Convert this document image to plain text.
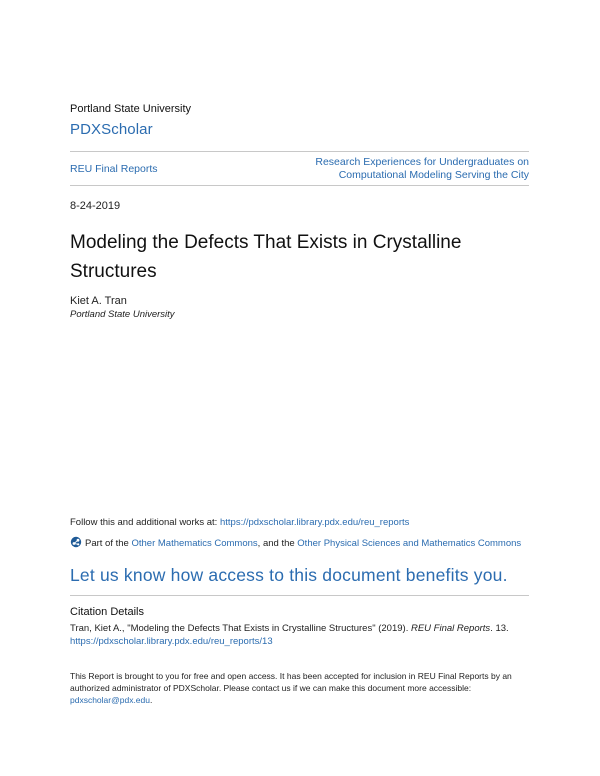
Portland State University
PDXScholar
REU Final Reports
Research Experiences for Undergraduates on
Computational Modeling Serving the City
8-24-2019
Modeling the Defects That Exists in Crystalline Structures
Kiet A. Tran
Portland State University
Follow this and additional works at: https://pdxscholar.library.pdx.edu/reu_reports
Part of the Other Mathematics Commons, and the Other Physical Sciences and Mathematics Commons
Let us know how access to this document benefits you.
Citation Details
Tran, Kiet A., "Modeling the Defects That Exists in Crystalline Structures" (2019). REU Final Reports. 13.
https://pdxscholar.library.pdx.edu/reu_reports/13
This Report is brought to you for free and open access. It has been accepted for inclusion in REU Final Reports by an authorized administrator of PDXScholar. Please contact us if we can make this document more accessible: pdxscholar@pdx.edu.
